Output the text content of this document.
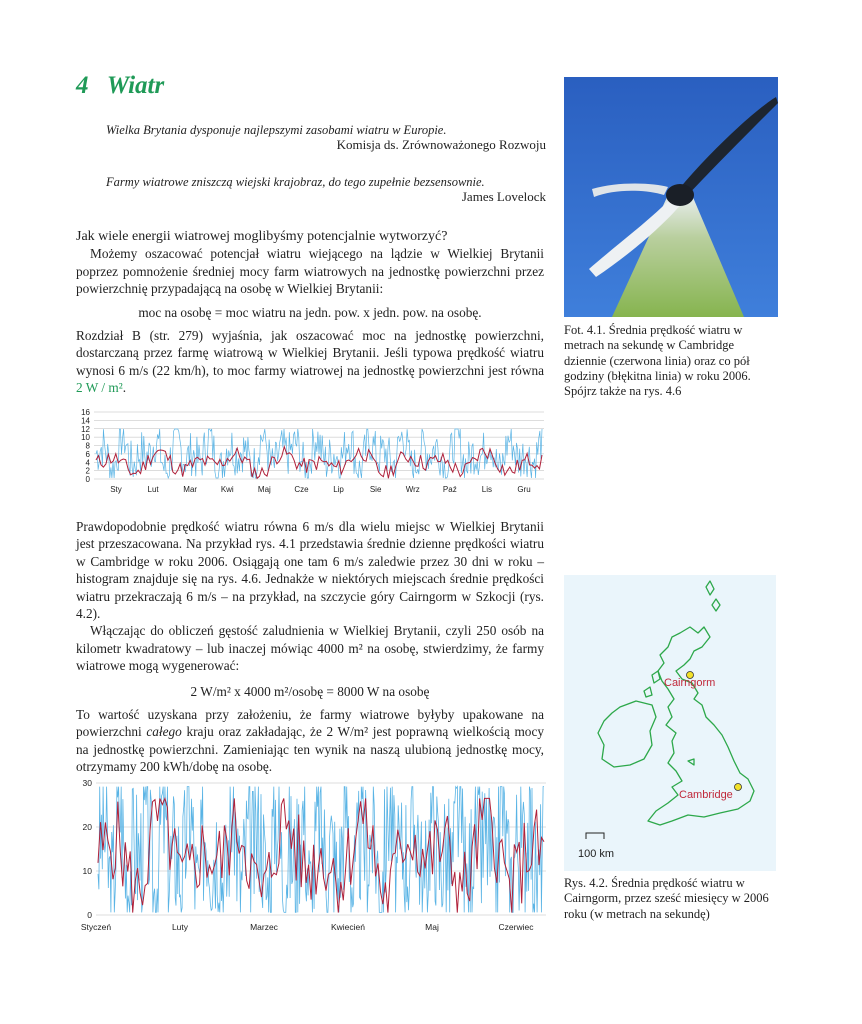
4 Wiatr
Wielka Brytania dysponuje najlepszymi zasobami wiatru w Europie.
Komisja ds. Zrównoważonego Rozwoju
Farmy wiatrowe zniszczą wiejski krajobraz, do tego zupełnie bezsensownie.
James Lovelock

Jak wiele energii wiatrowej moglibyśmy potencjalnie wytworzyć?

Możemy oszacować potencjał wiatru wiejącego na lądzie w Wielkiej Brytanii poprzez pomnożenie średniej mocy farm wiatrowych na jednostkę powierzchni przez powierzchnię przypadającą na osobę w Wielkiej Brytanii:

moc na osobę = moc wiatru na jedn. pow. x jedn. pow. na osobę.

Rozdział B (str. 279) wyjaśnia, jak oszacować moc na jednostkę powierzchni, dostarczaną przez farmę wiatrową w Wielkiej Brytanii. Jeśli typowa prędkość wiatru wynosi 6 m/s (22 km/h), to moc farmy wiatrowej na jednostkę powierzchni jest równa 2 W / m².

16
14
12
10
8
6
4
2
0
Sty	Lut	Mar	Kwi	Maj	Cze	Lip	Sie	Wrz	Paź	Lis	Gru

Prawdopodobnie prędkość wiatru równa 6 m/s dla wielu miejsc w Wielkiej Brytanii jest przeszacowana. Na przykład rys. 4.1 przedstawia średnie dzienne prędkości wiatru w Cambridge w roku 2006. Osiągają one tam 6 m/s zaledwie przez 30 dni w roku – histogram znajduje się na rys. 4.6. Jednakże w niektórych miejscach średnie prędkości wiatru przekraczają 6 m/s – na przykład, na szczycie góry Cairngorm w Szkocji (rys. 4.2).

Włączając do obliczeń gęstość zaludnienia w Wielkiej Brytanii, czyli 250 osób na kilometr kwadratowy – lub inaczej mówiąc 4000 m² na osobę, stwierdzimy, że farmy wiatrowe mogą wygenerować:

2 W/m² x 4000 m²/osobę = 8000 W na osobę

To wartość uzyskana przy założeniu, że farmy wiatrowe byłyby upakowane na powierzchni całego kraju oraz zakładając, że 2 W/m² jest poprawną wielkością mocy na jednostkę powierzchni. Zamieniając ten wynik na naszą ulubioną jednostkę mocy, otrzymamy 200 kWh/dobę na osobę.

30
20
10
0
Styczeń	Luty	Marzec	Kwiecień	Maj	Czerwiec
Fot. 4.1. Średnia prędkość wiatru w metrach na sekundę w Cambridge dziennie (czerwona linia) oraz co pół godziny (błękitna linia) w roku 2006.
Spójrz także na rys. 4.6
Cairngorm
Cambridge
100 km
Rys. 4.2. Średnia prędkość wiatru w Cairngorm, przez sześć miesięcy w 2006 roku (w metrach na sekundę)
